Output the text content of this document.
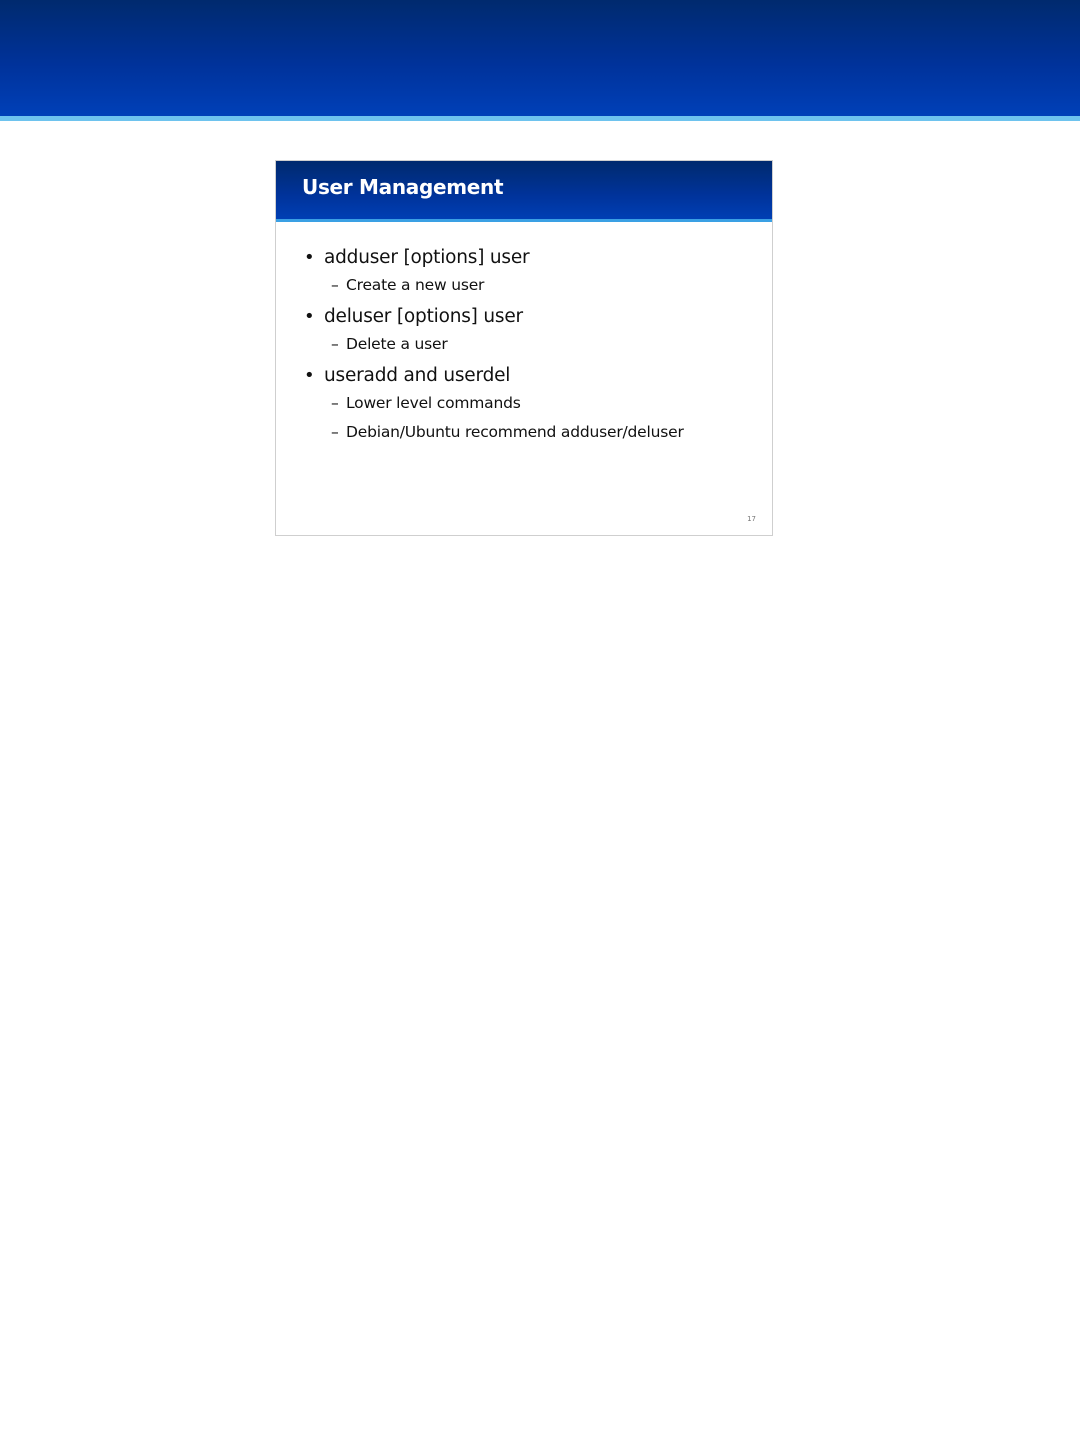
User Management
• adduser [options] user
– Create a new user
• deluser [options] user
– Delete a user
• useradd and userdel
– Lower level commands
– Debian/Ubuntu recommend adduser/deluser
17
